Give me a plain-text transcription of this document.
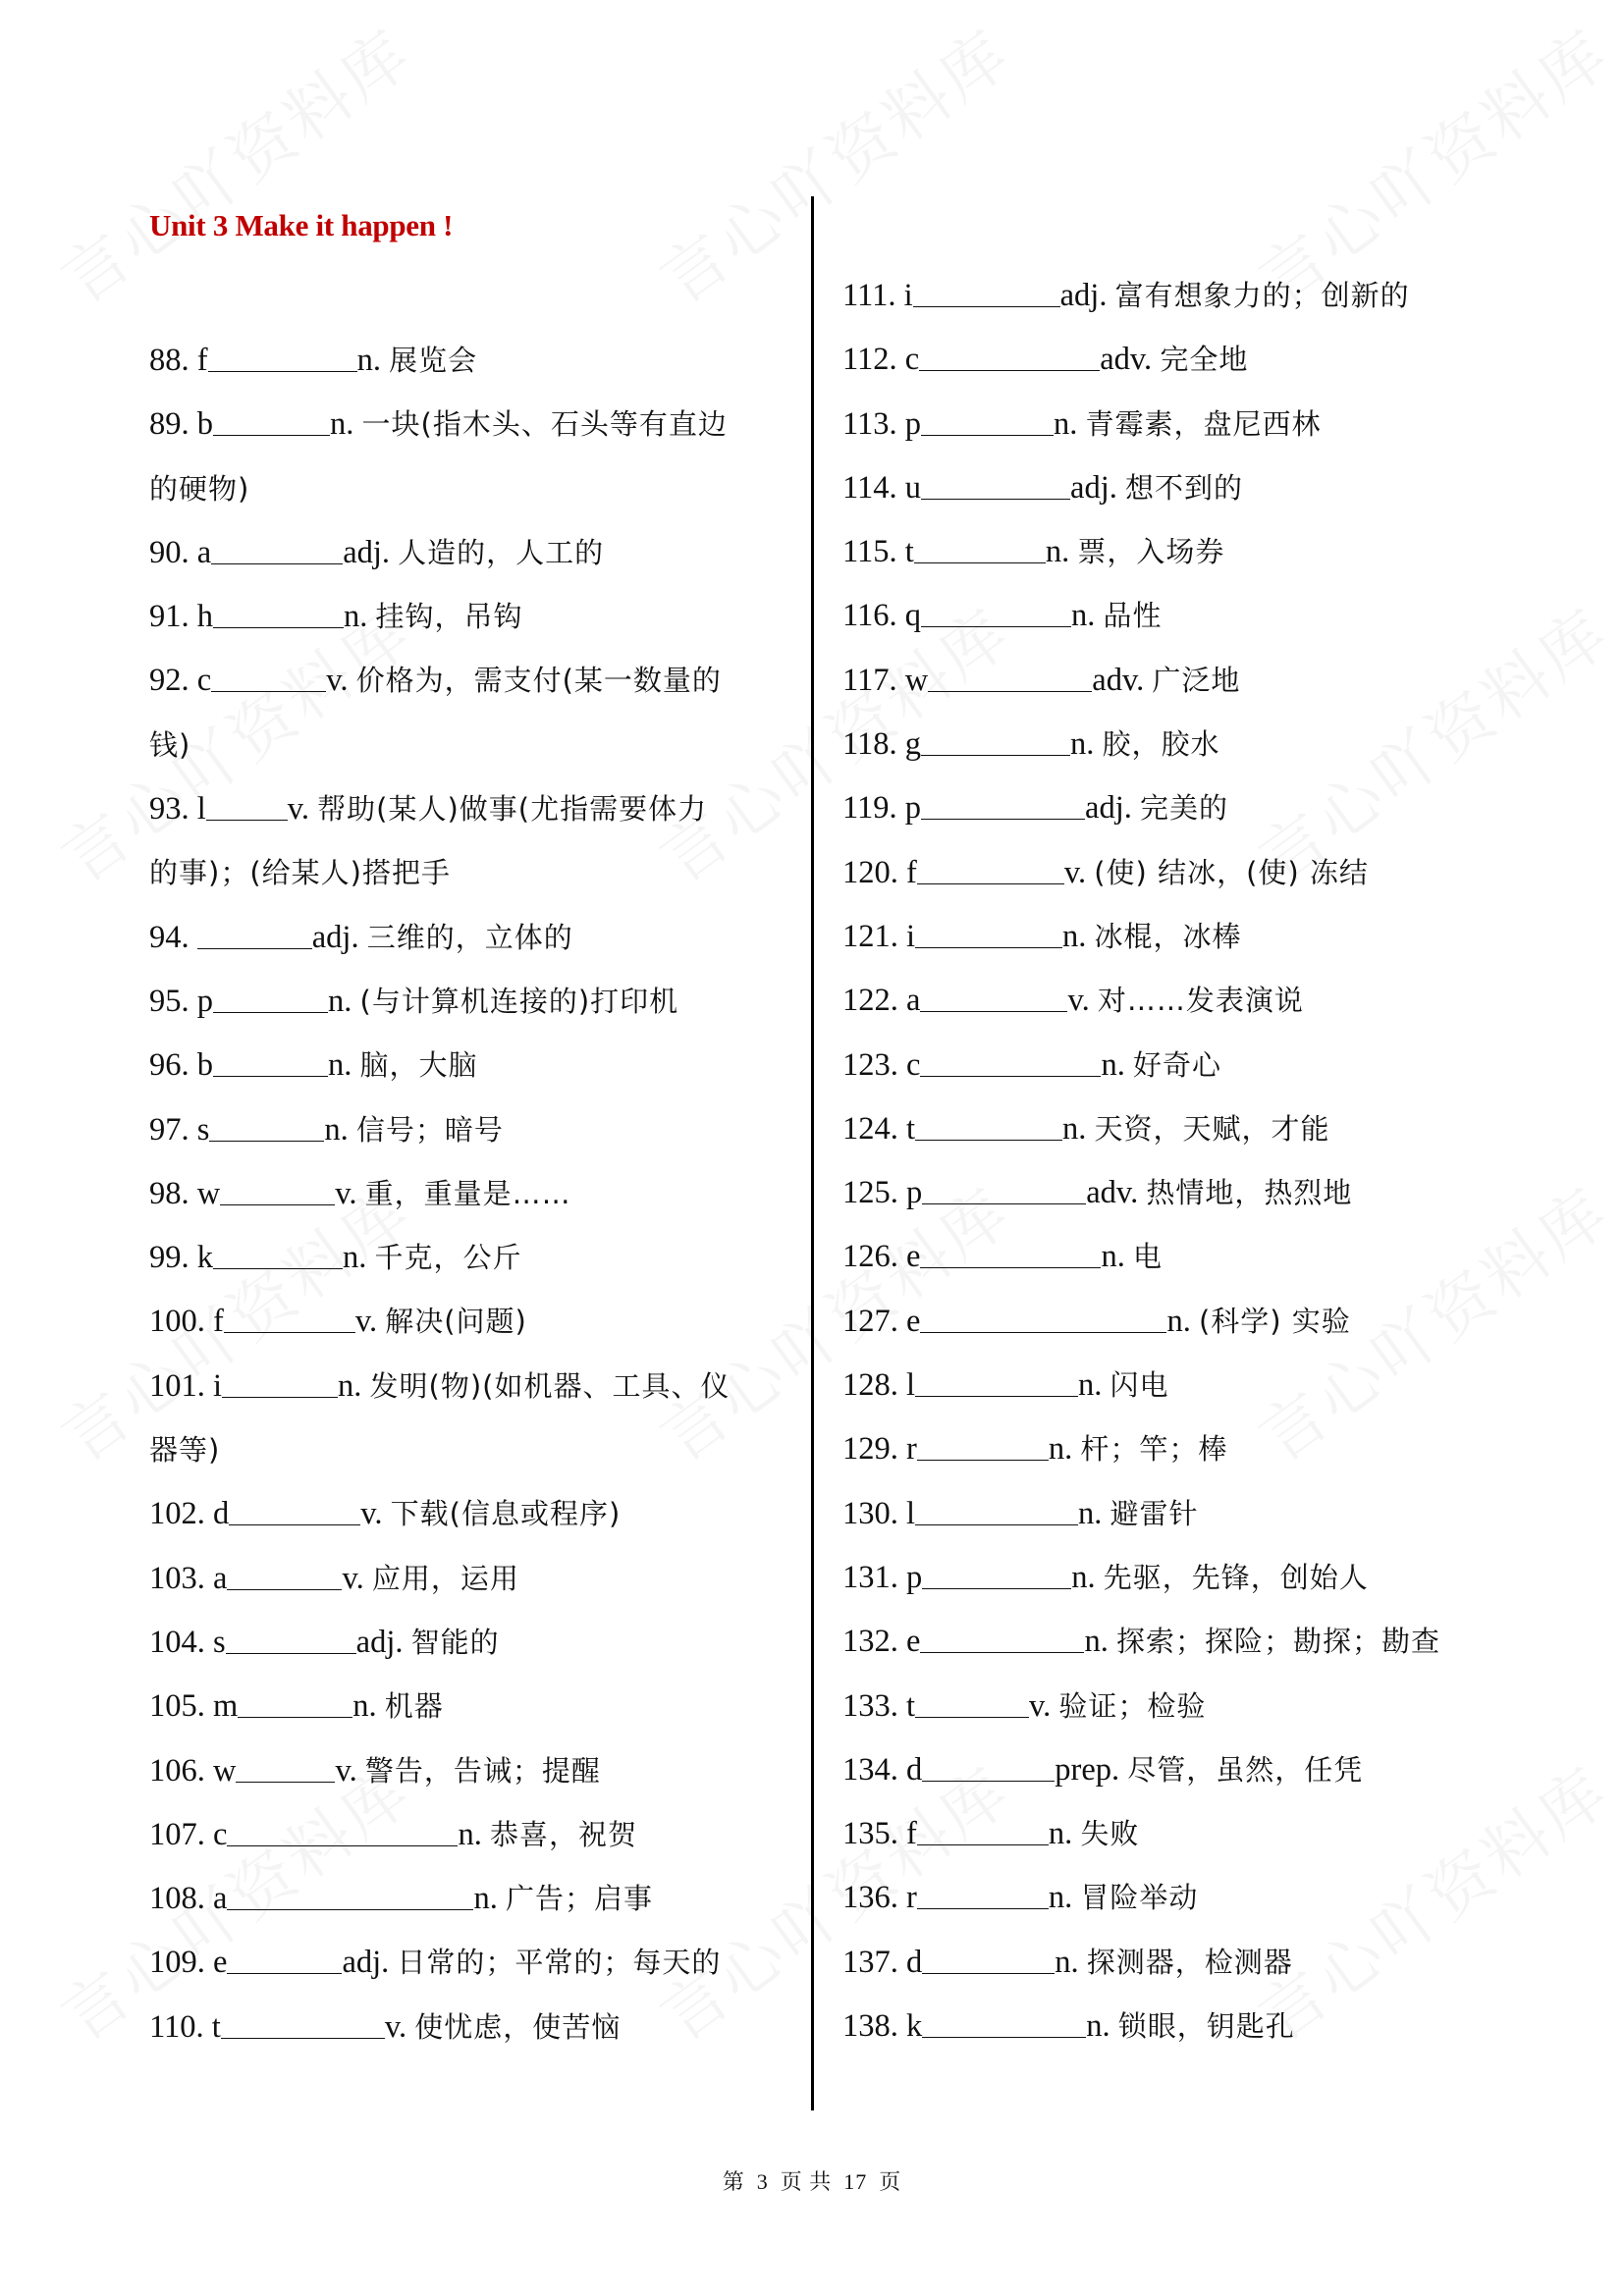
Unit 3 Make it happen !
88. f	n. 展览会
89. b	n. 一块(指木头、石头等有直边
的硬物)
90. a	adj. 人造的，人工的
91. h	n. 挂钩，吊钩
92. c	v. 价格为，需支付(某一数量的
钱)
93. l	v. 帮助(某人)做事(尤指需要体力
的事)；(给某人)搭把手
94.	adj. 三维的，立体的
95. p	n. (与计算机连接的)打印机
96. b	n. 脑，大脑
97. s	n. 信号；暗号
98. w	v. 重，重量是……
99. k	n. 千克，公斤
100. f	v. 解决(问题)
101. i	n. 发明(物)(如机器、工具、仪
器等)
102. d	v. 下载(信息或程序)
103. a	v. 应用，运用
104. s	adj. 智能的
105. m	n. 机器
106. w	v. 警告，告诫；提醒
107. c	n. 恭喜，祝贺
108. a	n. 广告；启事
109. e	adj. 日常的；平常的；每天的
110. t	v. 使忧虑，使苦恼
111. i	adj. 富有想象力的；创新的
112. c	adv. 完全地
113. p	n. 青霉素，盘尼西林
114. u	adj. 想不到的
115. t	n. 票，入场券
116. q	n. 品性
117. w	adv. 广泛地
118. g	n. 胶，胶水
119. p	adj. 完美的
120. f	v. (使) 结冰，(使) 冻结
121. i	n. 冰棍，冰棒
122. a	v. 对……发表演说
123. c	n. 好奇心
124. t	n. 天资，天赋，才能
125. p	adv. 热情地，热烈地
126. e	n. 电
127. e	n. (科学) 实验
128. l	n. 闪电
129. r	n. 杆；竿；棒
130. l	n. 避雷针
131. p	n. 先驱，先锋，创始人
132. e	n. 探索；探险；勘探；勘查
133. t	v. 验证；检验
134. d	prep. 尽管，虽然，任凭
135. f	n. 失败
136. r	n. 冒险举动
137. d	n. 探测器，检测器
138. k	n. 锁眼，钥匙孔
第 3 页 共 17 页
